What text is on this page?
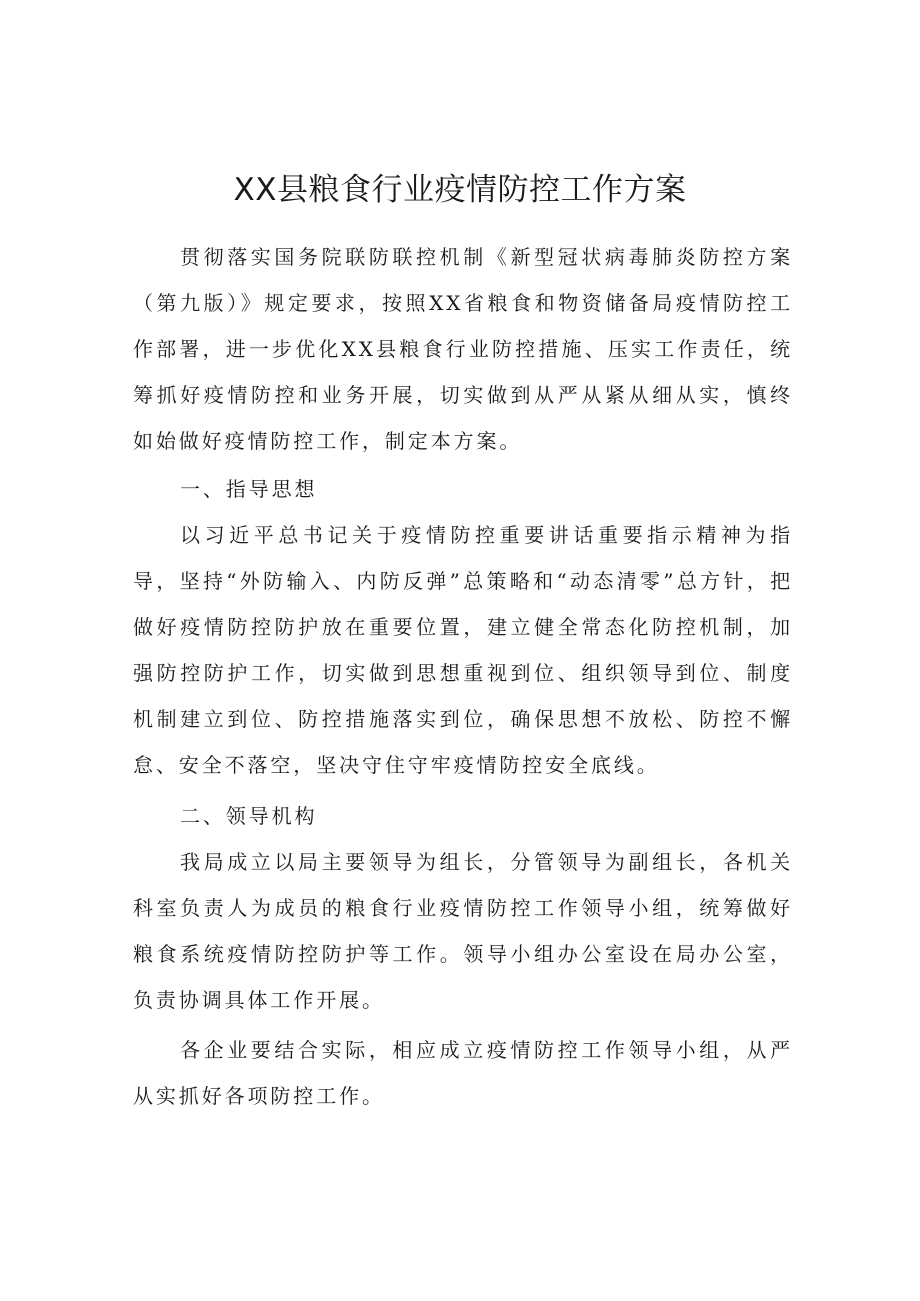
XX县粮食行业疫情防控工作方案

贯彻落实国务院联防联控机制《新型冠状病毒肺炎防控方案（第九版）》规定要求，按照XX省粮食和物资储备局疫情防控工作部署，进一步优化XX县粮食行业防控措施、压实工作责任，统筹抓好疫情防控和业务开展，切实做到从严从紧从细从实，慎终如始做好疫情防控工作，制定本方案。

一、指导思想

以习近平总书记关于疫情防控重要讲话重要指示精神为指导，坚持“外防输入、内防反弹”总策略和“动态清零”总方针，把做好疫情防控防护放在重要位置，建立健全常态化防控机制，加强防控防护工作，切实做到思想重视到位、组织领导到位、制度机制建立到位、防控措施落实到位，确保思想不放松、防控不懈怠、安全不落空，坚决守住守牢疫情防控安全底线。

二、领导机构

我局成立以局主要领导为组长，分管领导为副组长，各机关科室负责人为成员的粮食行业疫情防控工作领导小组，统筹做好粮食系统疫情防控防护等工作。领导小组办公室设在局办公室，负责协调具体工作开展。

各企业要结合实际，相应成立疫情防控工作领导小组，从严从实抓好各项防控工作。
